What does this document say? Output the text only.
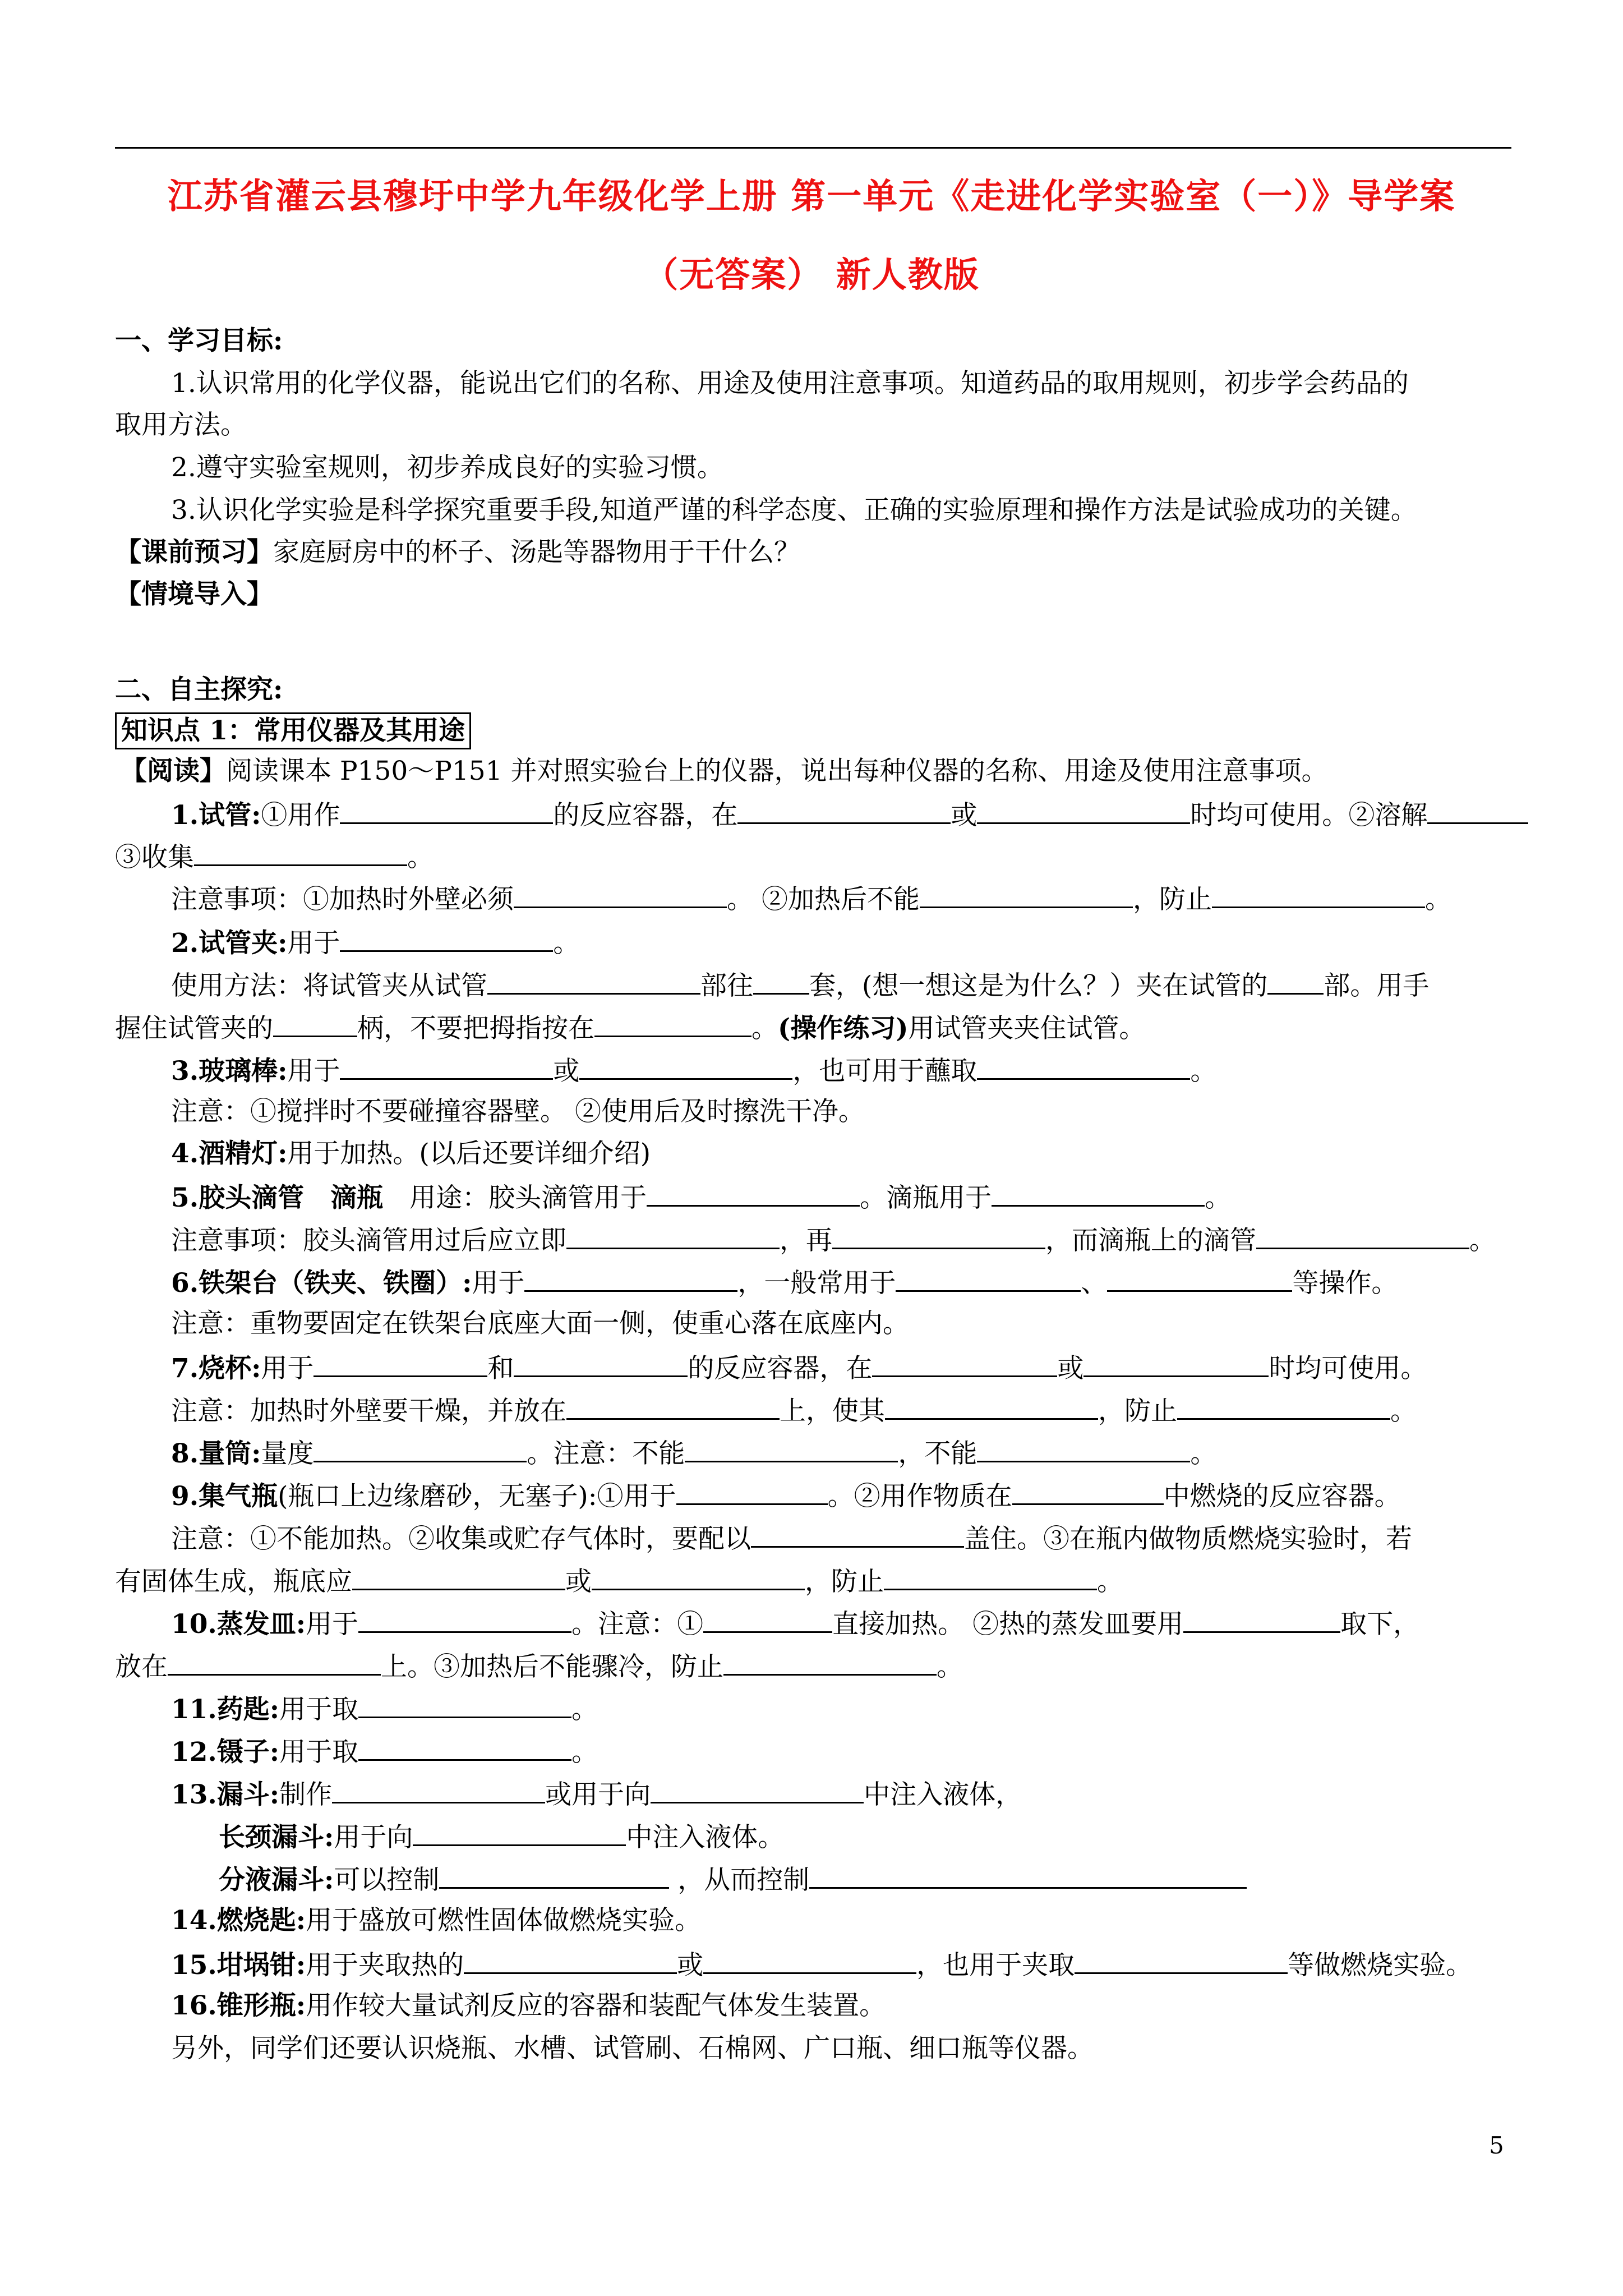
江苏省灌云县穆圩中学九年级化学上册 第一单元《走进化学实验室（一）》导学案
（无答案） 新人教版
一、学习目标:
1.认识常用的化学仪器，能说出它们的名称、用途及使用注意事项。知道药品的取用规则，初步学会药品的
取用方法。
2.遵守实验室规则，初步养成良好的实验习惯。
3.认识化学实验是科学探究重要手段,知道严谨的科学态度、正确的实验原理和操作方法是试验成功的关键。
【课前预习】家庭厨房中的杯子、汤匙等器物用于干什么？
【情境导入】
二、自主探究:
知识点 1：常用仪器及其用途
【阅读】阅读课本 P150～P151 并对照实验台上的仪器，说出每种仪器的名称、用途及使用注意事项。
1.试管:①用作	的反应容器，在	或	时均可使用。②溶解
③收集	。
注意事项：①加热时外壁必须	。 ②加热后不能	，防止	。
2.试管夹:用于	。
使用方法：将试管夹从试管	部往 套，(想一想这是为什么？）夹在试管的 部。用手
握住试管夹的	柄，不要把拇指按在	。(操作练习)用试管夹夹住试管。
3.玻璃棒:用于	或	，也可用于蘸取	。
注意：①搅拌时不要碰撞容器壁。 ②使用后及时擦洗干净。
4.酒精灯:用于加热。(以后还要详细介绍)
5.胶头滴管　滴瓶  用途：胶头滴管用于	。滴瓶用于	。
注意事项：胶头滴管用过后应立即	，再	，而滴瓶上的滴管	。
6.铁架台（铁夹、铁圈）:用于	，一般常用于	、	等操作。
注意：重物要固定在铁架台底座大面一侧，使重心落在底座内。
7.烧杯:用于	和	的反应容器，在	或	时均可使用。
注意：加热时外壁要干燥，并放在	上，使其	，防止	。
8.量筒:量度	。注意：不能	，不能	。
9.集气瓶(瓶口上边缘磨砂，无塞子):①用于	。②用作物质在	中燃烧的反应容器。
注意：①不能加热。②收集或贮存气体时，要配以	盖住。③在瓶内做物质燃烧实验时，若
有固体生成，瓶底应	或	，防止	。
10.蒸发皿:用于	。注意：①	直接加热。 ②热的蒸发皿要用	取下，
放在	上。③加热后不能骤冷，防止	。
11.药匙:用于取	。
12.镊子:用于取	。
13.漏斗:制作	或用于向	中注入液体，
长颈漏斗:用于向	中注入液体。
分液漏斗:可以控制	，从而控制
14.燃烧匙:用于盛放可燃性固体做燃烧实验。
15.坩埚钳:用于夹取热的	或	，也用于夹取	等做燃烧实验。
16.锥形瓶:用作较大量试剂反应的容器和装配气体发生装置。
另外，同学们还要认识烧瓶、水槽、试管刷、石棉网、广口瓶、细口瓶等仪器。
5
